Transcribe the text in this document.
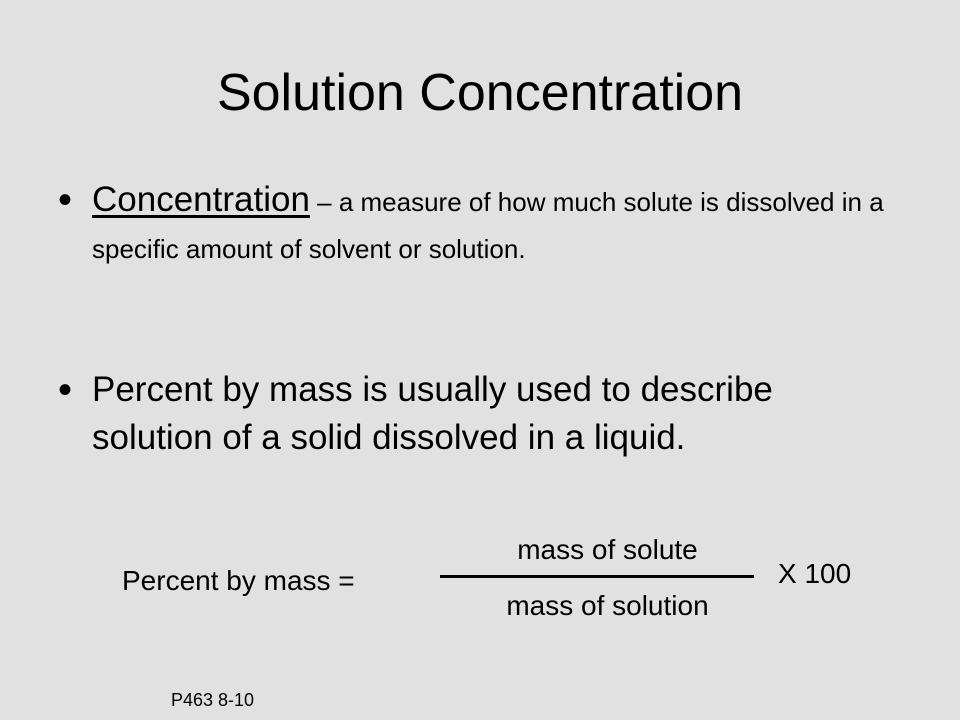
Solution Concentration
• Concentration – a measure of how much solute is dissolved in a specific amount of solvent or solution.
• Percent by mass is usually used to describe solution of a solid dissolved in a liquid.
Percent by mass =
mass of solute
mass of solution
X 100
P463 8-10
